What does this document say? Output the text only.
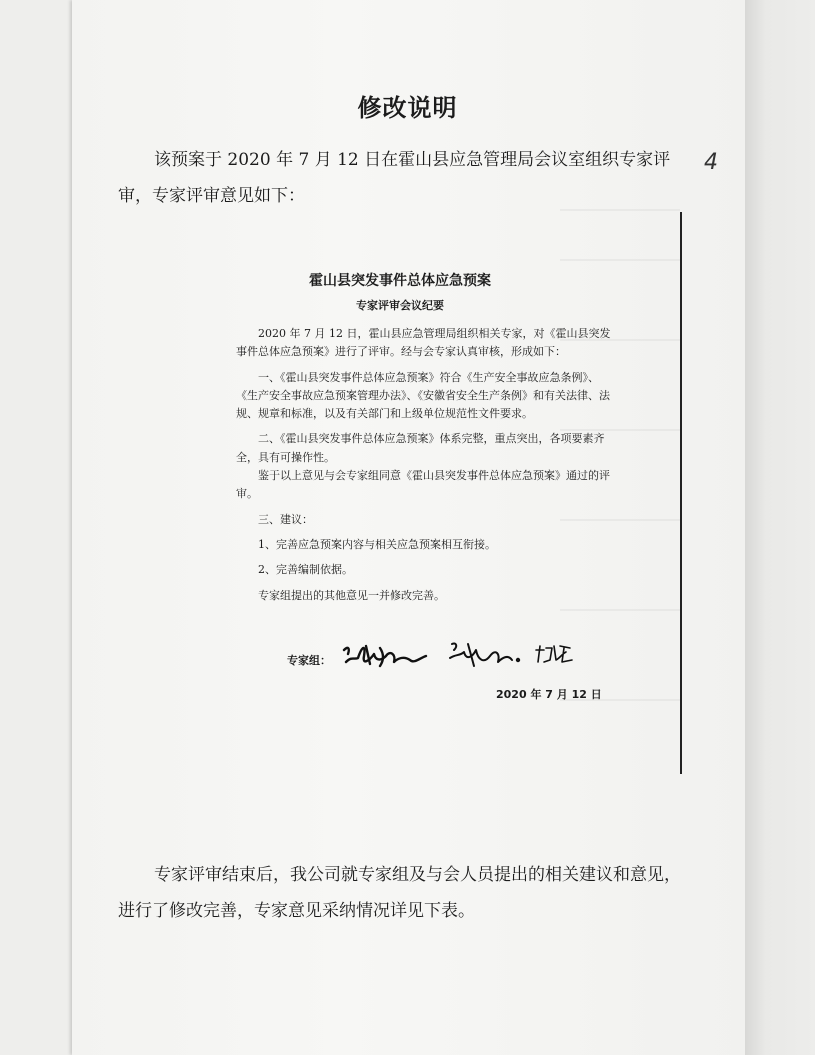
修改说明

该预案于 2020 年 7 月 12 日在霍山县应急管理局会议室组织专家评审，专家评审意见如下：

4
霍山县突发事件总体应急预案
专家评审会议纪要

2020 年 7 月 12 日，霍山县应急管理局组织相关专家，对《霍山县突发事件总体应急预案》进行了评审。经与会专家认真审核，形成如下：

一、《霍山县突发事件总体应急预案》符合《生产安全事故应急条例》、《生产安全事故应急预案管理办法》、《安徽省安全生产条例》和有关法律、法规、规章和标准，以及有关部门和上级单位规范性文件要求。

二、《霍山县突发事件总体应急预案》体系完整，重点突出，各项要素齐全，具有可操作性。

鉴于以上意见与会专家组同意《霍山县突发事件总体应急预案》通过的评审。

三、建议：

1、完善应急预案内容与相关应急预案相互衔接。

2、完善编制依据。

专家组提出的其他意见一并修改完善。

专家组：
2020 年 7 月 12 日

专家评审结束后，我公司就专家组及与会人员提出的相关建议和意见，进行了修改完善，专家意见采纳情况详见下表。
